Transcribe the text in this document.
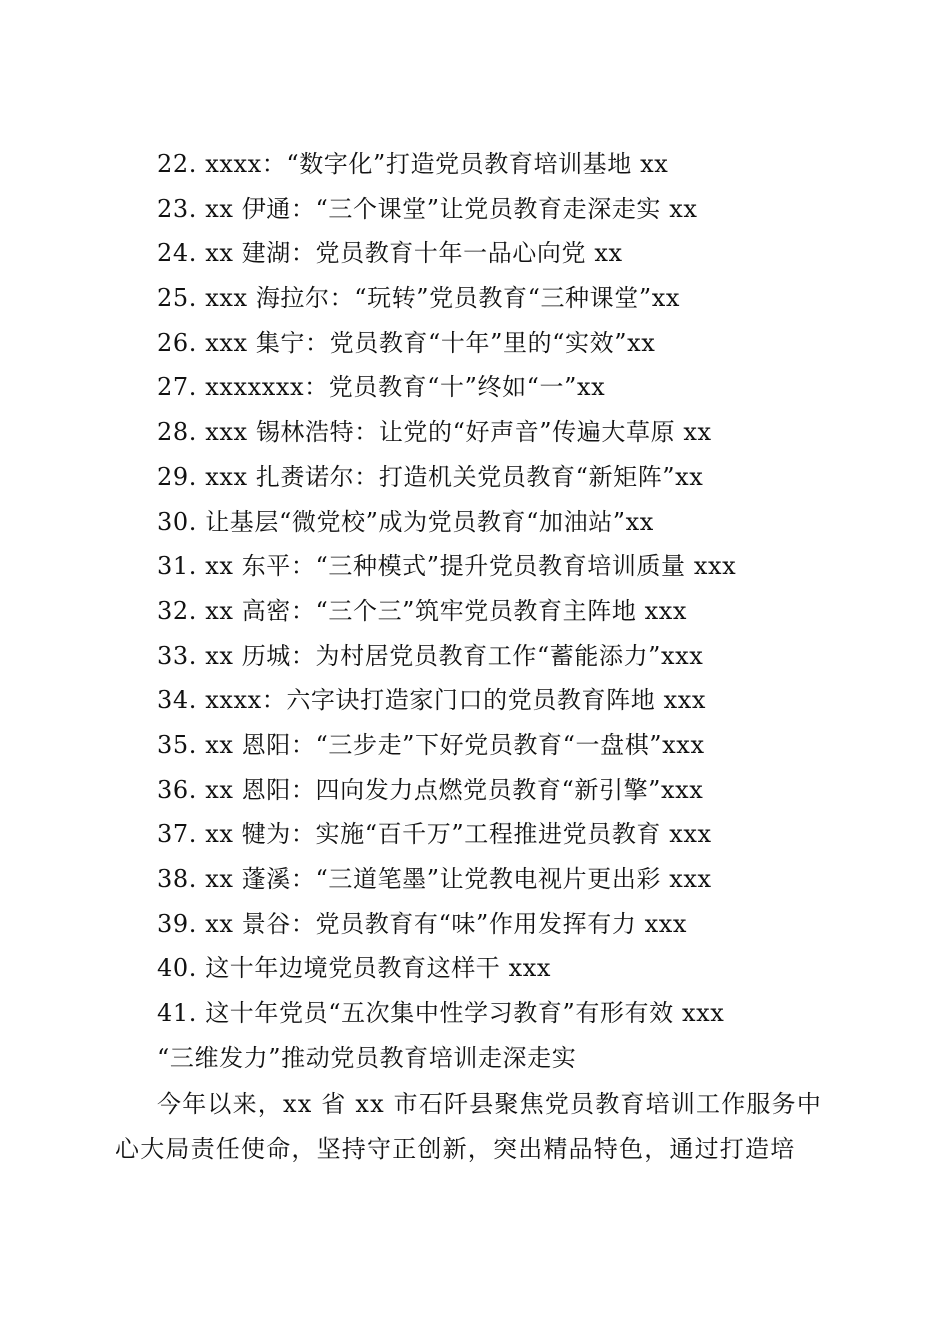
22. xxxx：“数字化”打造党员教育培训基地 xx
23. xx 伊通：“三个课堂”让党员教育走深走实 xx
24. xx 建湖：党员教育十年一品心向党 xx
25. xxx 海拉尔：“玩转”党员教育“三种课堂”xx
26. xxx 集宁：党员教育“十年”里的“实效”xx
27. xxxxxxx：党员教育“十”终如“一”xx
28. xxx 锡林浩特：让党的“好声音”传遍大草原 xx
29. xxx 扎赉诺尔：打造机关党员教育“新矩阵”xx
30. 让基层“微党校”成为党员教育“加油站”xx
31. xx 东平：“三种模式”提升党员教育培训质量 xxx
32. xx 高密：“三个三”筑牢党员教育主阵地 xxx
33. xx 历城：为村居党员教育工作“蓄能添力”xxx
34. xxxx：六字诀打造家门口的党员教育阵地 xxx
35. xx 恩阳：“三步走”下好党员教育“一盘棋”xxx
36. xx 恩阳：四向发力点燃党员教育“新引擎”xxx
37. xx 犍为：实施“百千万”工程推进党员教育 xxx
38. xx 蓬溪：“三道笔墨”让党教电视片更出彩 xxx
39. xx 景谷：党员教育有“味”作用发挥有力 xxx
40. 这十年边境党员教育这样干 xxx
41. 这十年党员“五次集中性学习教育”有形有效 xxx
“三维发力”推动党员教育培训走深走实

今年以来，xx 省 xx 市石阡县聚焦党员教育培训工作服务中
心大局责任使命，坚持守正创新，突出精品特色，通过打造培
